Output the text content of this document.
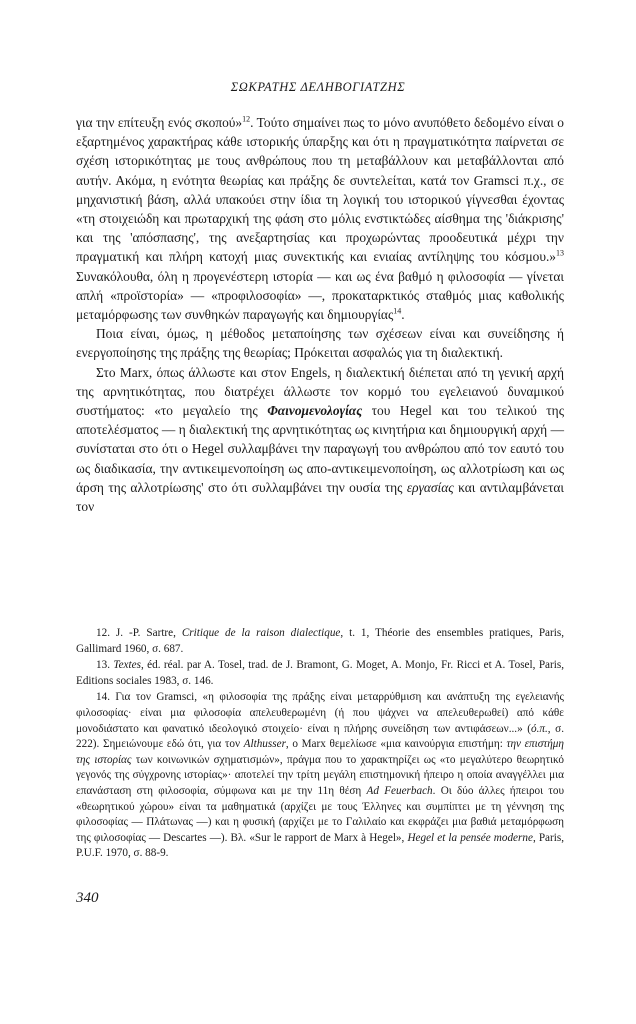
ΣΩΚΡΑΤΗΣ ΔΕΛΗΒΟΓΙΑΤΖΗΣ

για την επίτευξη ενός σκοπού»$^{12}$. Τούτο σημαίνει πως το μόνο ανυπόθετο δεδομένο είναι ο εξαρτημένος χαρακτήρας κάθε ιστορικής ύπαρξης και ότι η πραγματικότητα παίρνεται σε σχέση ιστορικότητας με τους ανθρώπους που τη μεταβάλλουν και μεταβάλλονται από αυτήν. Ακόμα, η ενότητα θεωρίας και πράξης δε συντελείται, κατά τον Gramsci π.χ., σε μηχανιστική βάση, αλλά υπακούει στην ίδια τη λογική του ιστορικού γίγνεσθαι έχοντας «τη στοιχειώδη και πρωταρχική της φάση στο μόλις ενστικτώδες αίσθημα της 'διάκρισης' και της 'απόσπασης', της ανεξαρτησίας και προχωρώντας προοδευτικά μέχρι την πραγματική και πλήρη κατοχή μιας συνεκτικής και ενιαίας αντίληψης του κόσμου.»$^{13}$ Συνακόλουθα, όλη η προγενέστερη ιστορία — και ως ένα βαθμό η φιλοσοφία — γίνεται απλή «προϊστορία» — «προφιλοσοφία» —, προκαταρκτικός σταθμός μιας καθολικής μεταμόρφωσης των συνθηκών παραγωγής και δημιουργίας$^{14}$.

Ποια είναι, όμως, η μέθοδος μεταποίησης των σχέσεων είναι και συνείδησης ή ενεργοποίησης της πράξης της θεωρίας; Πρόκειται ασφαλώς για τη διαλεκτική.

Στο Marx, όπως άλλωστε και στον Engels, η διαλεκτική διέπεται από τη γενική αρχή της αρνητικότητας, που διατρέχει άλλωστε τον κορμό του εγελειανού δυναμικού συστήματος: «το μεγαλείο της Φαινομενολογίας του Hegel και του τελικού της αποτελέσματος — η διαλεκτική της αρνητικότητας ως κινητήρια και δημιουργική αρχή — συνίσταται στο ότι ο Hegel συλλαμβάνει την παραγωγή του ανθρώπου από τον εαυτό του ως διαδικασία, την αντικειμενοποίηση ως απο-αντικειμενοποίηση, ως αλλοτρίωση και ως άρση της αλλοτρίωσης' στο ότι συλλαμβάνει την ουσία της εργασίας και αντιλαμβάνεται τον

12. J. -P. Sartre, Critique de la raison dialectique, t. 1, Théorie des ensembles pratiques, Paris, Gallimard 1960, σ. 687.

13. Textes, éd. réal. par A. Tosel, trad. de J. Bramont, G. Moget, A. Monjo, Fr. Ricci et A. Tosel, Paris, Editions sociales 1983, σ. 146.

14. Για τον Gramsci, «η φιλοσοφία της πράξης είναι μεταρρύθμιση και ανάπτυξη της εγελειανής φιλοσοφίας· είναι μια φιλοσοφία απελευθερωμένη (ή που ψάχνει να απελευθερωθεί) από κάθε μονοδιάστατο και φανατικό ιδεολογικό στοιχείο· είναι η πλήρης συνείδηση των αντιφάσεων...» (ό.π., σ. 222). Σημειώνουμε εδώ ότι, για τον Althusser, ο Marx θεμελίωσε «μια καινούργια επιστήμη: την επιστήμη της ιστορίας των κοινωνικών σχηματισμών», πράγμα που το χαρακτηρίζει ως «το μεγαλύτερο θεωρητικό γεγονός της σύγχρονης ιστορίας»· αποτελεί την τρίτη μεγάλη επιστημονική ήπειρο η οποία αναγγέλλει μια επανάσταση στη φιλοσοφία, σύμφωνα και με την 11η θέση Ad Feuerbach. Οι δύο άλλες ήπειροι του «θεωρητικού χώρου» είναι τα μαθηματικά (αρχίζει με τους Έλληνες και συμπίπτει με τη γέννηση της φιλοσοφίας — Πλάτωνας —) και η φυσική (αρχίζει με το Γαλιλαίο και εκφράζει μια βαθιά μεταμόρφωση της φιλοσοφίας — Descartes —). Βλ. «Sur le rapport de Marx à Hegel», Hegel et la pensée moderne, Paris, P.U.F. 1970, σ. 88-9.

340
